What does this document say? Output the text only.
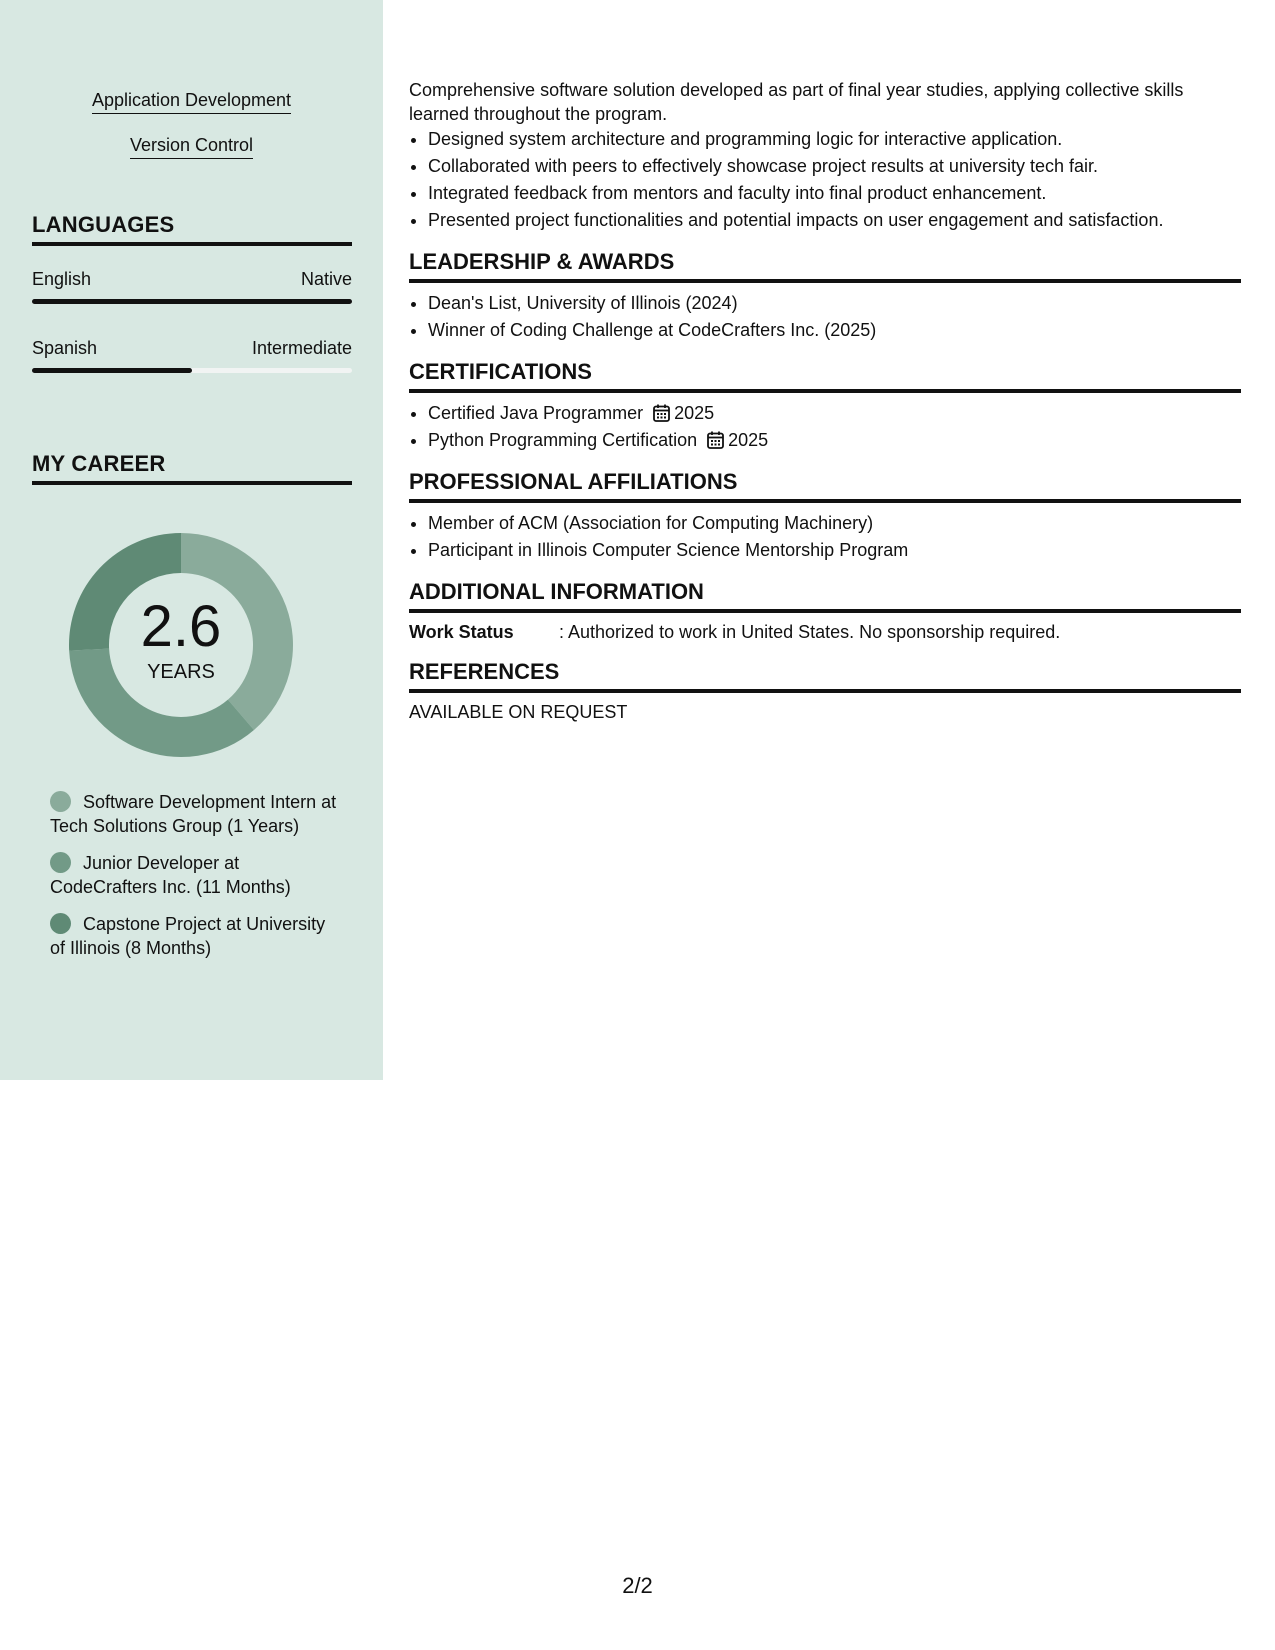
Application Development
Version Control
LANGUAGES
English	Native
Spanish	Intermediate
MY CAREER
2.6
YEARS
Software Development Intern at Tech Solutions Group (1 Years)
Junior Developer at CodeCrafters Inc. (11 Months)
Capstone Project at University of Illinois (8 Months)

Comprehensive software solution developed as part of final year studies, applying collective skills learned throughout the program.

• Designed system architecture and programming logic for interactive application.
• Collaborated with peers to effectively showcase project results at university tech fair.
• Integrated feedback from mentors and faculty into final product enhancement.
• Presented project functionalities and potential impacts on user engagement and satisfaction.
LEADERSHIP & AWARDS
• Dean's List, University of Illinois (2024)
• Winner of Coding Challenge at CodeCrafters Inc. (2025)
CERTIFICATIONS
• Certified Java Programmer 2025
• Python Programming Certification 2025
PROFESSIONAL AFFILIATIONS
• Member of ACM (Association for Computing Machinery)
• Participant in Illinois Computer Science Mentorship Program
ADDITIONAL INFORMATION
Work Status	: Authorized to work in United States. No sponsorship required.
REFERENCES
AVAILABLE ON REQUEST
2/2
